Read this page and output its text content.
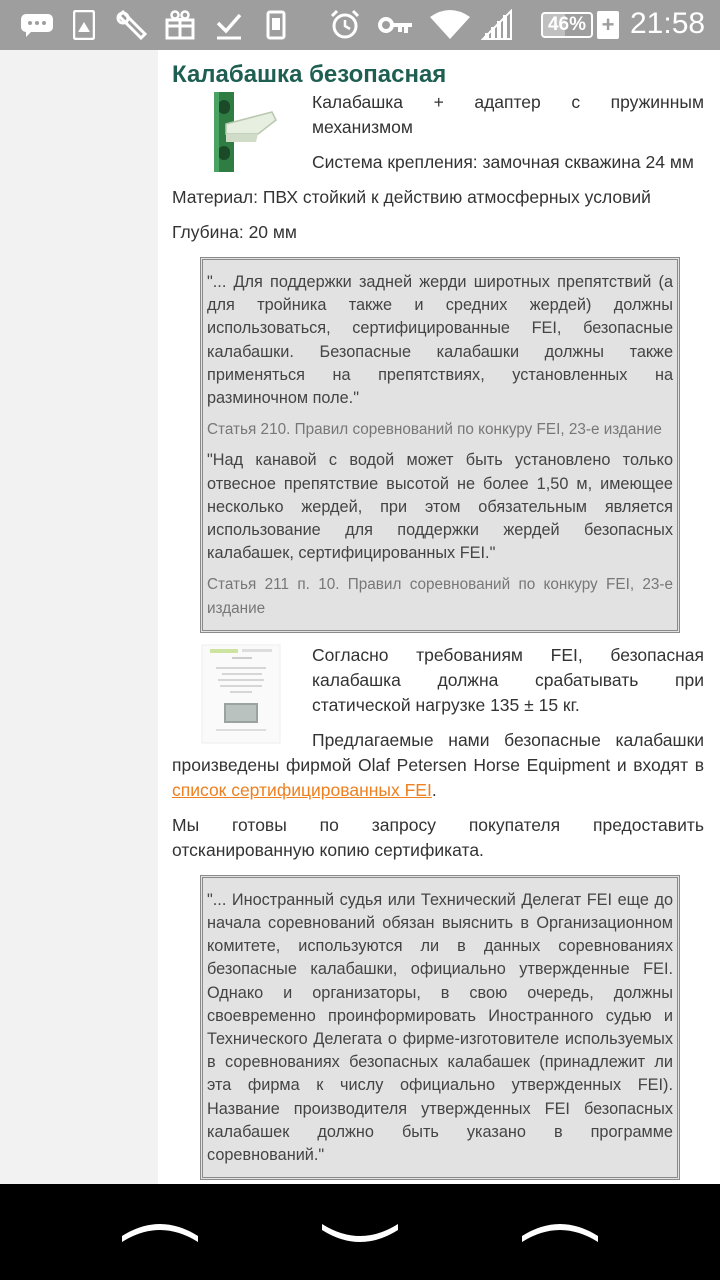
46% + 21:58
Калабашка безопасная

Калабашка + адаптер с пружинным механизмом

Система крепления: замочная скважина 24 мм

Материал: ПВХ стойкий к действию атмосферных условий

Глубина: 20 мм

"... Для поддержки задней жерди широтных препятствий (а для тройника также и средних жердей) должны использоваться, сертифицированные FEI, безопасные калабашки. Безопасные калабашки должны также применяться на препятствиях, установленных на разминочном поле."

Статья 210. Правил соревнований по конкуру FEI, 23-е издание

"Над канавой с водой может быть установлено только отвесное препятствие высотой не более 1,50 м, имеющее несколько жердей, при этом обязательным является использование для поддержки жердей безопасных калабашек, сертифицированных FEI."

Статья 211 п. 10. Правил соревнований по конкуру FEI, 23-е издание

Согласно требованиям FEI, безопасная калабашка должна срабатывать при статической нагрузке 135 ± 15 кг.

Предлагаемые нами безопасные калабашки произведены фирмой Olaf Petersen Horse Equipment и входят в список сертифицированных FEI.

Мы готовы по запросу покупателя предоставить отсканированную копию сертификата.

"... Иностранный судья или Технический Делегат FEI еще до начала соревнований обязан выяснить в Организационном комитете, используются ли в данных соревнованиях безопасные калабашки, официально утвержденные FEI. Однако и организаторы, в свою очередь, должны своевременно проинформировать Иностранного судью и Технического Делегата о фирме-изготовителе используемых в соревнованиях безопасных калабашек (принадлежит ли эта фирма к числу официально утвержденных FEI). Название производителя утвержденных FEI безопасных калабашек должно быть указано в программе соревнований."
